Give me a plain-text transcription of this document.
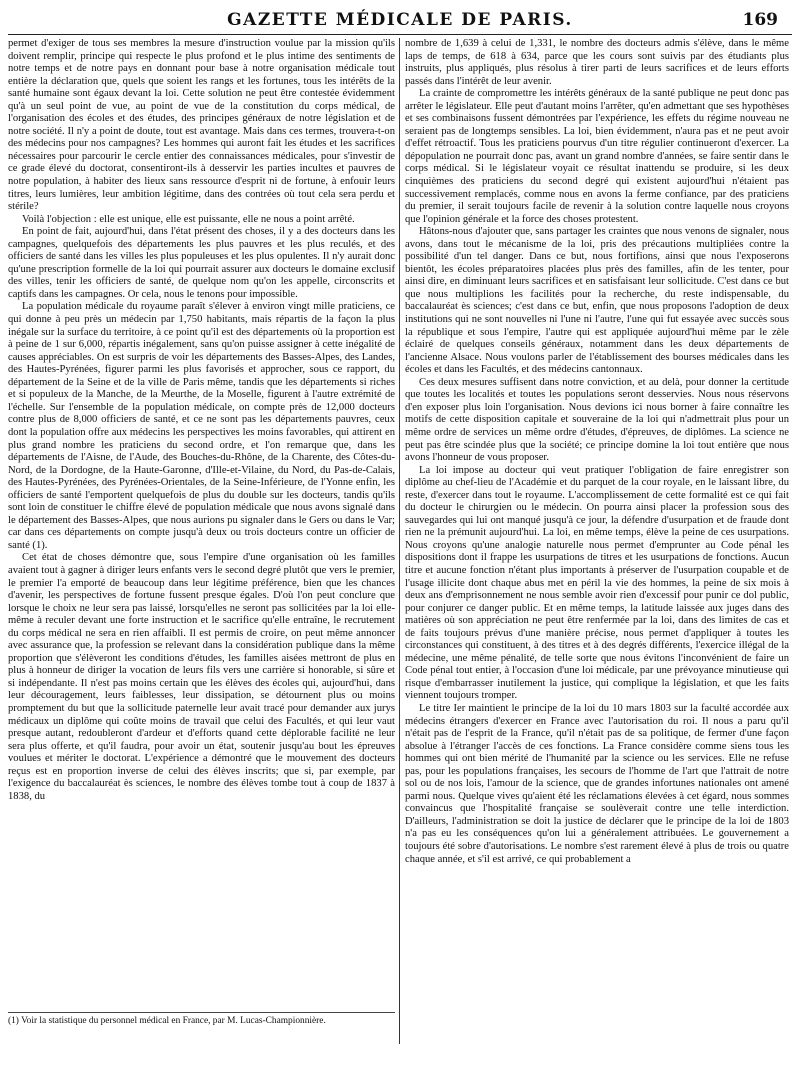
GAZETTE MÉDICALE DE PARIS.	169

permet d'exiger de tous ses membres la mesure d'instruction voulue par la mission qu'ils doivent remplir, principe qui respecte le plus profond et le plus intime des sentiments de notre temps et de notre pays en donnant pour base à notre organisation médicale tout entière la déclaration que, quels que soient les rangs et les fortunes, tous les intérêts de la santé humaine sont égaux devant la loi. Cette solution ne peut être contestée évidemment qu'à un seul point de vue, au point de vue de la constitution du corps médical, de l'organisation des écoles et des études, des principes généraux de notre législation et de notre société. Il n'y a point de doute, tout est avantage. Mais dans ces termes, trouvera-t-on des médecins pour nos campagnes? Les hommes qui auront fait les études et les sacrifices nécessaires pour parcourir le cercle entier des connaissances médicales, pour s'investir de ce grade élevé du doctorat, consentiront-ils à desservir les parties incultes et pauvres de notre population, à habiter des lieux sans ressource d'esprit ni de fortune, à enfouir leurs titres, leurs lumières, leur ambition légitime, dans des contrées où tout cela sera perdu et stérile?

Voilà l'objection : elle est unique, elle est puissante, elle ne nous a point arrêté.

En point de fait, aujourd'hui, dans l'état présent des choses, il y a des docteurs dans les campagnes, quelquefois des départements les plus pauvres et les plus reculés, et des officiers de santé dans les villes les plus populeuses et les plus opulentes. Il n'y aurait donc qu'une prescription formelle de la loi qui pourrait assurer aux docteurs le domaine exclusif des villes, tenir les officiers de santé, de quelque nom qu'on les appelle, circonscrits et captifs dans les campagnes. Or cela, nous le tenons pour impossible.

La population médicale du royaume paraît s'élever à environ vingt mille praticiens, ce qui donne à peu près un médecin par 1,750 habitants, mais répartis de la façon la plus inégale sur la surface du territoire, à ce point qu'il est des départements où la proportion est à peine de 1 sur 6,000, répartis inégalement, sans qu'on puisse assigner à cette inégalité de causes appréciables. On est surpris de voir les départements des Basses-Alpes, des Landes, des Hautes-Pyrénées, figurer parmi les plus favorisés et approcher, sous ce rapport, du département de la Seine et de la ville de Paris même, tandis que les départements si riches et si populeux de la Manche, de la Meurthe, de la Moselle, figurent à l'autre extrémité de l'échelle. Sur l'ensemble de la population médicale, on compte près de 12,000 docteurs contre plus de 8,000 officiers de santé, et ce ne sont pas les départements pauvres, ceux dont la population offre aux médecins les perspectives les moins favorables, qui attirent en plus grand nombre les praticiens du second ordre, et l'on remarque que, dans les départements de l'Aisne, de l'Aude, des Bouches-du-Rhône, de la Charente, des Côtes-du-Nord, de la Dordogne, de la Haute-Garonne, d'Ille-et-Vilaine, du Nord, du Pas-de-Calais, des Hautes-Pyrénées, des Pyrénées-Orientales, de la Seine-Inférieure, de l'Yonne enfin, les officiers de santé l'emportent quelquefois de plus du double sur les docteurs, tandis qu'ils sont loin de constituer le chiffre élevé de population médicale que nous avons signalé dans le département des Basses-Alpes, que nous aurions pu signaler dans le Gers ou dans le Var; car dans ces départements on compte jusqu'à deux ou trois docteurs contre un officier de santé (1).

Cet état de choses démontre que, sous l'empire d'une organisation où les familles avaient tout à gagner à diriger leurs enfants vers le second degré plutôt que vers le premier, le premier l'a emporté de beaucoup dans leur légitime préférence, bien que les chances d'avenir, les perspectives de fortune fussent presque égales. D'où l'on peut conclure que lorsque le choix ne leur sera pas laissé, lorsqu'elles ne seront pas sollicitées par la loi elle-même à reculer devant une forte instruction et le sacrifice qu'elle entraîne, le recrutement du corps médical ne sera en rien affaibli. Il est permis de croire, on peut même annoncer avec assurance que, la profession se relevant dans la considération publique dans la même proportion que s'élèveront les conditions d'études, les familles aisées mettront de plus en plus à honneur de diriger la vocation de leurs fils vers une carrière si honorable, si sûre et si indépendante. Il n'est pas moins certain que les élèves des écoles qui, aujourd'hui, dans leur découragement, leurs faiblesses, leur dissipation, se détournent plus ou moins promptement du but que la sollicitude paternelle leur avait tracé pour demander aux jurys médicaux un diplôme qui coûte moins de travail que celui des Facultés, et qui leur vaut presque autant, redoubleront d'ardeur et d'efforts quand cette déplorable facilité ne leur sera plus offerte, et qu'il faudra, pour avoir un état, soutenir jusqu'au bout les épreuves voulues et mériter le doctorat. L'expérience a démontré que le mouvement des docteurs reçus est en proportion inverse de celui des élèves inscrits; que si, par exemple, par l'exigence du baccalauréat ès sciences, le nombre des élèves tombe tout à coup de 1837 à 1838, du

nombre de 1,639 à celui de 1,331, le nombre des docteurs admis s'élève, dans le même laps de temps, de 618 à 634, parce que les cours sont suivis par des étudiants plus instruits, plus appliqués, plus résolus à tirer parti de leurs sacrifices et de leurs efforts passés dans l'intérêt de leur avenir.

La crainte de compromettre les intérêts généraux de la santé publique ne peut donc pas arrêter le législateur. Elle peut d'autant moins l'arrêter, qu'en admettant que ses hypothèses et ses combinaisons fussent démontrées par l'expérience, les effets du régime nouveau ne seraient pas de longtemps sensibles. La loi, bien évidemment, n'aura pas et ne peut avoir d'effet rétroactif. Tous les praticiens pourvus d'un titre régulier continueront d'exercer. La dépopulation ne pourrait donc pas, avant un grand nombre d'années, se faire sentir dans le corps médical. Si le législateur voyait ce résultat inattendu se produire, si les deux cinquièmes des praticiens du second degré qui existent aujourd'hui n'étaient pas successivement remplacés, comme nous en avons la ferme confiance, par des praticiens du premier, il serait toujours facile de revenir à la solution contre laquelle nous croyons que l'opinion générale et la force des choses protestent.

Hâtons-nous d'ajouter que, sans partager les craintes que nous venons de signaler, nous avons, dans tout le mécanisme de la loi, pris des précautions multipliées contre la possibilité d'un tel danger. Dans ce but, nous fortifions, ainsi que nous l'exposerons bientôt, les écoles préparatoires placées plus près des familles, afin de les tenter, pour ainsi dire, en diminuant leurs sacrifices et en satisfaisant leur sollicitude. C'est dans ce but que nous multiplions les facilités pour la recherche, du reste indispensable, du baccalauréat ès sciences; c'est dans ce but, enfin, que nous proposons l'adoption de deux institutions qui ne sont nouvelles ni l'une ni l'autre, l'une qui fut essayée avec succès sous la république et sous l'empire, l'autre qui est appliquée aujourd'hui même par le zèle éclairé de quelques conseils généraux, notamment dans les deux départements de l'ancienne Alsace. Nous voulons parler de l'établissement des bourses médicales dans les écoles et dans les Facultés, et des médecins cantonnaux.

Ces deux mesures suffisent dans notre conviction, et au delà, pour donner la certitude que toutes les localités et toutes les populations seront desservies. Nous nous réservons d'en exposer plus loin l'organisation. Nous devions ici nous borner à faire connaître les motifs de cette disposition capitale et souveraine de la loi qui n'admettrait plus pour un même ordre de services un même ordre d'études, d'épreuves, de diplômes. La science ne peut pas être scindée plus que la société; ce principe domine la loi tout entière que nous avons l'honneur de vous proposer.

La loi impose au docteur qui veut pratiquer l'obligation de faire enregistrer son diplôme au chef-lieu de l'Académie et du parquet de la cour royale, en le laissant libre, du reste, d'exercer dans tout le royaume. L'accomplissement de cette formalité est ce qui fait du docteur le chirurgien ou le médecin. On pourra ainsi placer la profession sous des sauvegardes qui lui ont manqué jusqu'à ce jour, la défendre d'usurpation et de fraude dont rien ne la prémunit aujourd'hui. La loi, en même temps, élève la peine de ces usurpations. Nous croyons qu'une analogie naturelle nous permet d'emprunter au Code pénal les dispositions dont il frappe les usurpations de titres et les usurpations de fonctions. Aucun titre et aucune fonction n'étant plus importants à préserver de l'usurpation coupable et de l'usage illicite dont chaque abus met en péril la vie des hommes, la peine de six mois à deux ans d'emprisonnement ne nous semble avoir rien d'excessif pour punir ce dol public, pour conjurer ce danger public. Et en même temps, la latitude laissée aux juges dans des matières où son appréciation ne peut être renfermée par la loi, dans des limites de cas et de faits toujours prévus d'une manière précise, nous permet d'appliquer à toutes les circonstances qui constituent, à des titres et à des degrés différents, l'exercice illégal de la médecine, une même pénalité, de telle sorte que nous évitons l'inconvénient de faire un Code pénal tout entier, à l'occasion d'une loi médicale, par une prévoyance minutieuse qui risque d'embarrasser inutilement la justice, qui complique la législation, et que les faits viennent toujours tromper.

Le titre Ier maintient le principe de la loi du 10 mars 1803 sur la faculté accordée aux médecins étrangers d'exercer en France avec l'autorisation du roi. Il nous a paru qu'il n'était pas de l'esprit de la France, qu'il n'était pas de sa politique, de fermer d'une façon absolue à l'étranger l'accès de ces fonctions. La France considère comme siens tous les hommes qui ont bien mérité de l'humanité par la science ou les services. Elle ne refuse pas, pour les populations françaises, les secours de l'homme de l'art que l'attrait de notre sol ou de nos lois, l'amour de la science, que de grandes infortunes nationales ont amené parmi nous. Quelque vives qu'aient été les réclamations élevées à cet égard, nous sommes convaincus que l'hospitalité française se soulèverait contre une telle interdiction. D'ailleurs, l'administration se doit la justice de déclarer que le principe de la loi de 1803 n'a pas eu les conséquences qu'on lui a généralement attribuées. Le gouvernement a toujours été sobre d'autorisations. Le nombre s'est rarement élevé à plus de trois ou quatre chaque année, et s'il est arrivé, ce qui probablement a

(1) Voir la statistique du personnel médical en France, par M. Lucas-Championnière.
